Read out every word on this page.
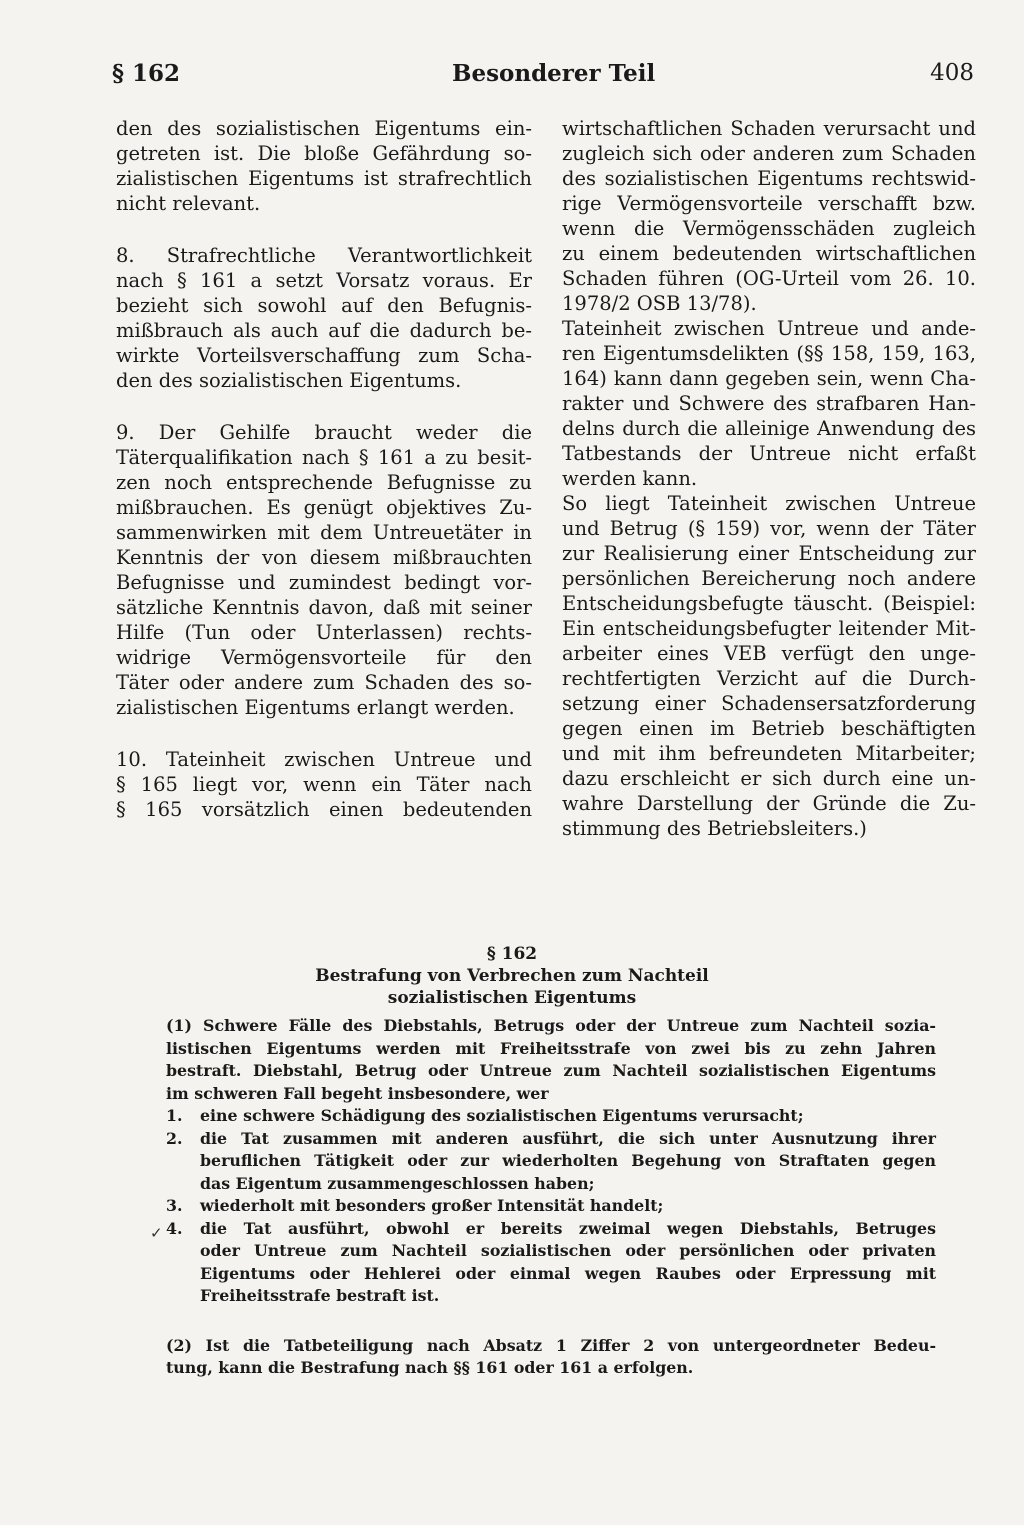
§ 162	Besonderer Teil	408
den des sozialistischen Eigentums ein-
getreten ist. Die bloße Gefährdung so-
zialistischen Eigentums ist strafrechtlich
nicht relevant.
8. Strafrechtliche Verantwortlichkeit
nach § 161 a setzt Vorsatz voraus. Er
bezieht sich sowohl auf den Befugnis-
mißbrauch als auch auf die dadurch be-
wirkte Vorteilsverschaffung zum Scha-
den des sozialistischen Eigentums.
9. Der Gehilfe braucht weder die
Täterqualifikation nach § 161 a zu besit-
zen noch entsprechende Befugnisse zu
mißbrauchen. Es genügt objektives Zu-
sammenwirken mit dem Untreuetäter in
Kenntnis der von diesem mißbrauchten
Befugnisse und zumindest bedingt vor-
sätzliche Kenntnis davon, daß mit seiner
Hilfe (Tun oder Unterlassen) rechts-
widrige Vermögensvorteile für den
Täter oder andere zum Schaden des so-
zialistischen Eigentums erlangt werden.
10. Tateinheit zwischen Untreue und
§ 165 liegt vor, wenn ein Täter nach
§ 165 vorsätzlich einen bedeutenden
wirtschaftlichen Schaden verursacht und
zugleich sich oder anderen zum Schaden
des sozialistischen Eigentums rechtswid-
rige Vermögensvorteile verschafft bzw.
wenn die Vermögensschäden zugleich
zu einem bedeutenden wirtschaftlichen
Schaden führen (OG-Urteil vom 26. 10.
1978/2 OSB 13/78).
Tateinheit zwischen Untreue und ande-
ren Eigentumsdelikten (§§ 158, 159, 163,
164) kann dann gegeben sein, wenn Cha-
rakter und Schwere des strafbaren Han-
delns durch die alleinige Anwendung des
Tatbestands der Untreue nicht erfaßt
werden kann.
So liegt Tateinheit zwischen Untreue
und Betrug (§ 159) vor, wenn der Täter
zur Realisierung einer Entscheidung zur
persönlichen Bereicherung noch andere
Entscheidungsbefugte täuscht. (Beispiel:
Ein entscheidungsbefugter leitender Mit-
arbeiter eines VEB verfügt den unge-
rechtfertigten Verzicht auf die Durch-
setzung einer Schadensersatzforderung
gegen einen im Betrieb beschäftigten
und mit ihm befreundeten Mitarbeiter;
dazu erschleicht er sich durch eine un-
wahre Darstellung der Gründe die Zu-
stimmung des Betriebsleiters.)
§ 162
Bestrafung von Verbrechen zum Nachteil
sozialistischen Eigentums
✓
(1) Schwere Fälle des Diebstahls, Betrugs oder der Untreue zum Nachteil sozia-
listischen Eigentums werden mit Freiheitsstrafe von zwei bis zu zehn Jahren
bestraft. Diebstahl, Betrug oder Untreue zum Nachteil sozialistischen Eigentums
im schweren Fall begeht insbesondere, wer
1.	eine schwere Schädigung des sozialistischen Eigentums verursacht;
2.	die Tat zusammen mit anderen ausführt, die sich unter Ausnutzung ihrer
beruflichen Tätigkeit oder zur wiederholten Begehung von Straftaten gegen
das Eigentum zusammengeschlossen haben;
3.	wiederholt mit besonders großer Intensität handelt;
4.	die Tat ausführt, obwohl er bereits zweimal wegen Diebstahls, Betruges
oder Untreue zum Nachteil sozialistischen oder persönlichen oder privaten
Eigentums oder Hehlerei oder einmal wegen Raubes oder Erpressung mit
Freiheitsstrafe bestraft ist.
(2) Ist die Tatbeteiligung nach Absatz 1 Ziffer 2 von untergeordneter Bedeu-
tung, kann die Bestrafung nach §§ 161 oder 161 a erfolgen.
